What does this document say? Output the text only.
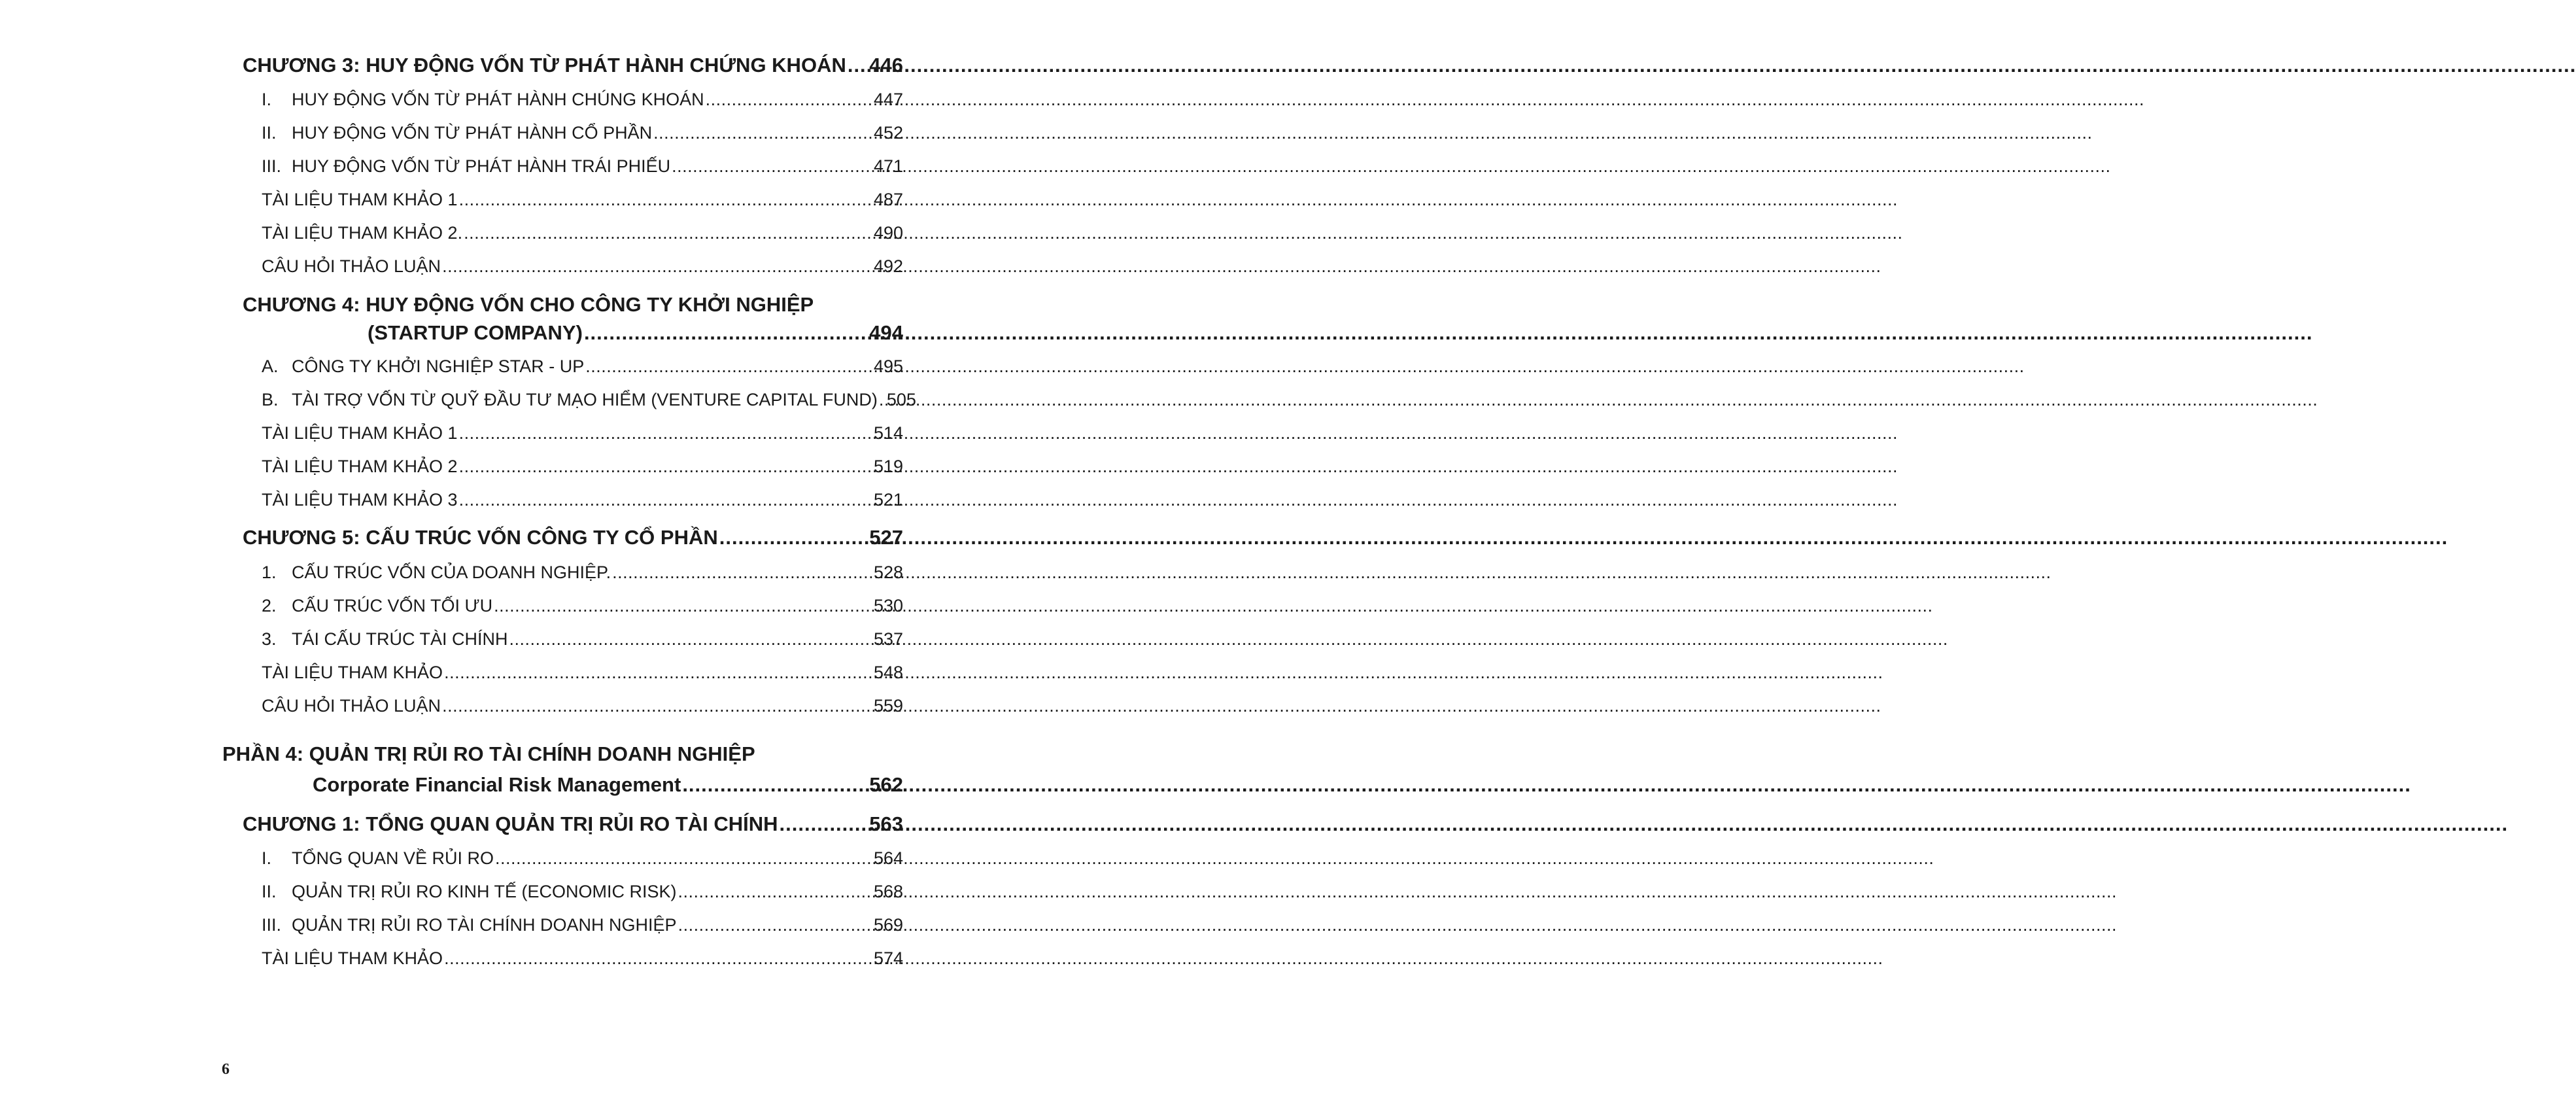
CHƯƠNG 3: HUY ĐỘNG VỐN TỪ PHÁT HÀNH CHỨNG KHOÁN ..... 446
I.	HUY ĐỘNG VỐN TỪ PHÁT HÀNH CHÚNG KHOÁN .....	447
II. HUY ĐỘNG VỐN TỪ PHÁT HÀNH CỔ PHẦN .....	452
III. HUY ĐỘNG VỐN TỪ PHÁT HÀNH TRÁI PHIẾU .....	471
TÀI LIỆU THAM KHẢO 1 .....	487
TÀI LIỆU THAM KHẢO 2. .....	490
CÂU HỎI THẢO LUẬN .....	492
CHƯƠNG 4: HUY ĐỘNG VỐN CHO CÔNG TY KHỞI NGHIỆP
(STARTUP COMPANY) .....	494
A. CÔNG TY KHỞI NGHIỆP STAR - UP .....	495
B. TÀI TRỢ VỐN TỪ QUỸ ĐẦU TƯ MẠO HIỂM (VENTURE CAPITAL FUND) ..... 505
TÀI LIỆU THAM KHẢO 1 .....	514
TÀI LIỆU THAM KHẢO 2 .....	519
TÀI LIỆU THAM KHẢO 3 .....	521
CHƯƠNG 5: CẤU TRÚC VỐN CÔNG TY CỔ PHẦN .....	527
1. CẤU TRÚC VỐN CỦA DOANH NGHIỆP. .....	528
2. CẤU TRÚC VỐN TỐI ƯU .....	530
3. TÁI CẤU TRÚC TÀI CHÍNH .....	537
TÀI LIỆU THAM KHẢO .....	548
CÂU HỎI THẢO LUẬN .....	559
PHẦN 4: QUẢN TRỊ RỦI RO TÀI CHÍNH DOANH NGHIỆP
Corporate Financial Risk Management .....	562
CHƯƠNG 1: TỔNG QUAN QUẢN TRỊ RỦI RO TÀI CHÍNH .....	563
I.	TỔNG QUAN VỀ RỦI RO .....	564
II. QUẢN TRỊ RỦI RO KINH TẾ (ECONOMIC RISK) .....	568
III. QUẢN TRỊ RỦI RO TÀI CHÍNH DOANH NGHIỆP .....	569
TÀI LIỆU THAM KHẢO .....	574
6
